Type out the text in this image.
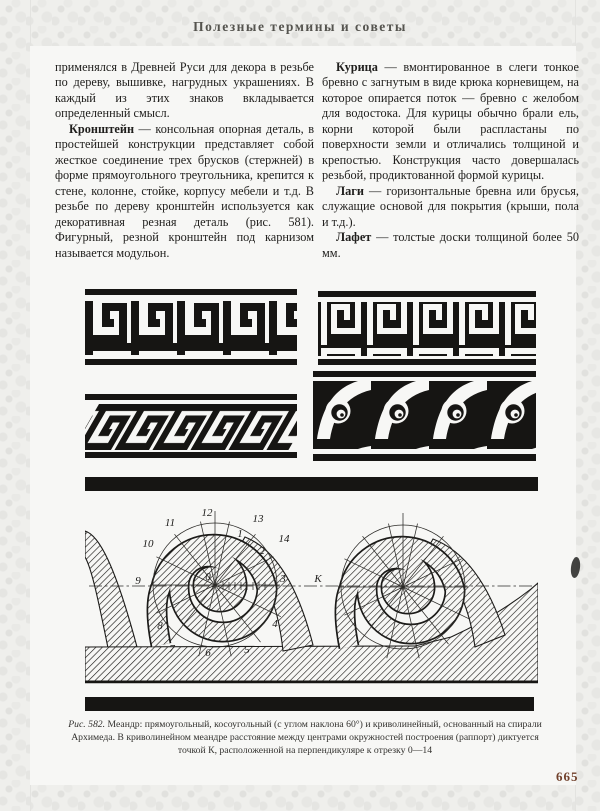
Полезные термины и советы

применялся в Древней Руси для декора в резьбе по дереву, вышивке, нагрудных украшениях. В каждый из этих знаков вкладывается определенный смысл.

Кронштейн — консольная опорная деталь, в простейшей конструкции представляет собой жесткое соединение трех брусков (стержней) в форме прямоугольного треугольника, крепится к стене, колонне, стойке, корпусу мебели и т.д. В резьбе по дереву кронштейн используется как декоративная резная деталь (рис. 581). Фигурный, резной кронштейн под карнизом называется модульон.

Курица — вмонтированное в слеги тонкое бревно с загнутым в виде крюка корневищем, на которое опирается поток — бревно с желобом для водостока. Для курицы обычно брали ель, корни которой были распластаны по поверхности земли и отличались толщиной и крепостью. Конструкция часто довершалась резьбой, продиктованной формой курицы.

Лаги — горизонтальные бревна или брусья, служащие основой для покрытия (крыши, пола и т.д.).

Лафет — толстые доски толщиной более 50 мм.

0
1
2
3
4
5
6
7
8
9
10
11
12	13
14
К
Рис. 582. Меандр: прямоугольный, косоугольный (с углом наклона 60°) и криволинейный, основанный на спирали Архимеда. В криволинейном меандре расстояние между центрами окружностей построения (раппорт) диктуется точкой К, расположенной на перпендикуляре к отрезку 0—14
665
